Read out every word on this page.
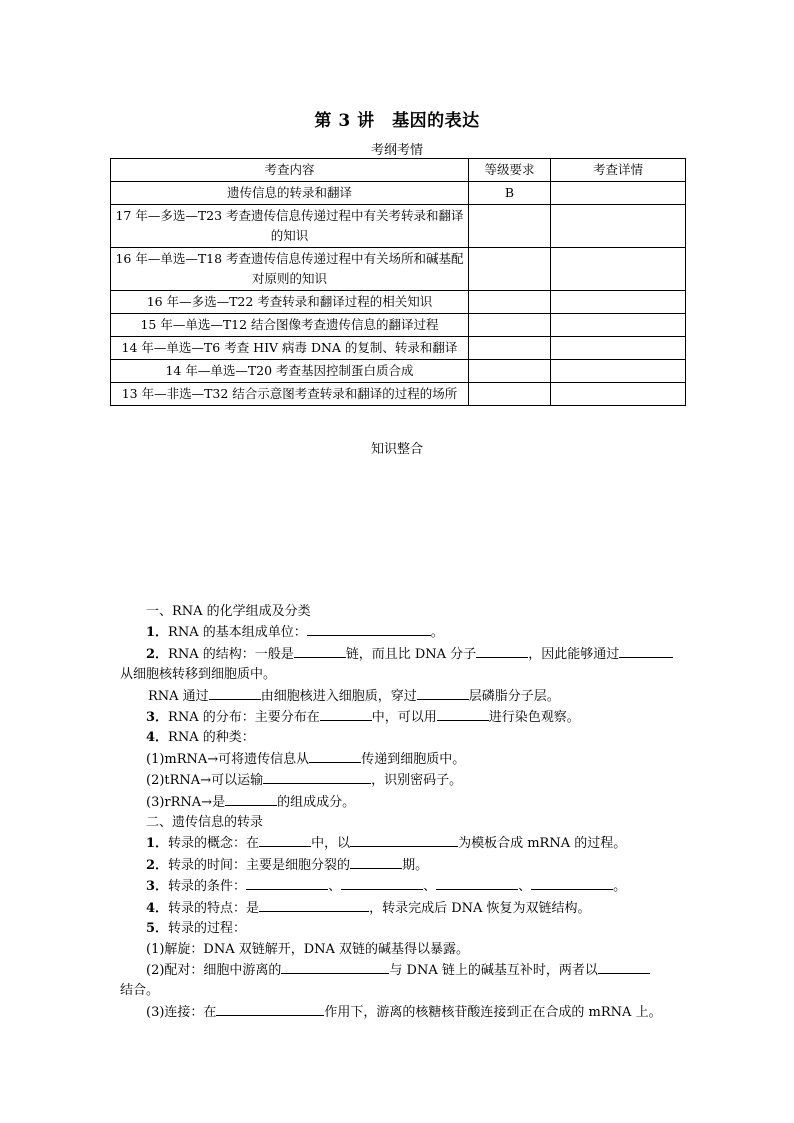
第 3 讲　基因的表达
考纲考情
考查内容	等级要求	考查详情
遗传信息的转录和翻译	B	
17 年—多选—T23 考查遗传信息传递过程中有关考转录和翻译的知识		
16 年—单选—T18 考查遗传信息传递过程中有关场所和碱基配对原则的知识		
16 年—多选—T22 考查转录和翻译过程的相关知识		
15 年—单选—T12 结合图像考查遗传信息的翻译过程		
14 年—单选—T6 考查 HIV 病毒 DNA 的复制、转录和翻译		
14 年—单选—T20 考查基因控制蛋白质合成		
13 年—非选—T32 结合示意图考查转录和翻译的过程的场所		
知识整合

一、RNA 的化学组成及分类

1．RNA 的基本组成单位：	。

2．RNA 的结构：一般是	链，而且比 DNA 分子	，因此能够通过

从细胞核转移到细胞质中。

RNA 通过	由细胞核进入细胞质，穿过	层磷脂分子层。

3．RNA 的分布：主要分布在	中，可以用	进行染色观察。

4．RNA 的种类：

(1)mRNA→可将遗传信息从	传递到细胞质中。

(2)tRNA→可以运输	，识别密码子。

(3)rRNA→是	的组成成分。

二、遗传信息的转录

1．转录的概念：在	中，以	为模板合成 mRNA 的过程。

2．转录的时间：主要是细胞分裂的	期。

3．转录的条件：	、	、	、	。

4．转录的特点：是	，转录完成后 DNA 恢复为双链结构。

5．转录的过程：

(1)解旋：DNA 双链解开，DNA 双链的碱基得以暴露。

(2)配对：细胞中游离的	与 DNA 链上的碱基互补时，两者以

结合。

(3)连接：在	作用下，游离的核糖核苷酸连接到正在合成的 mRNA 上。
